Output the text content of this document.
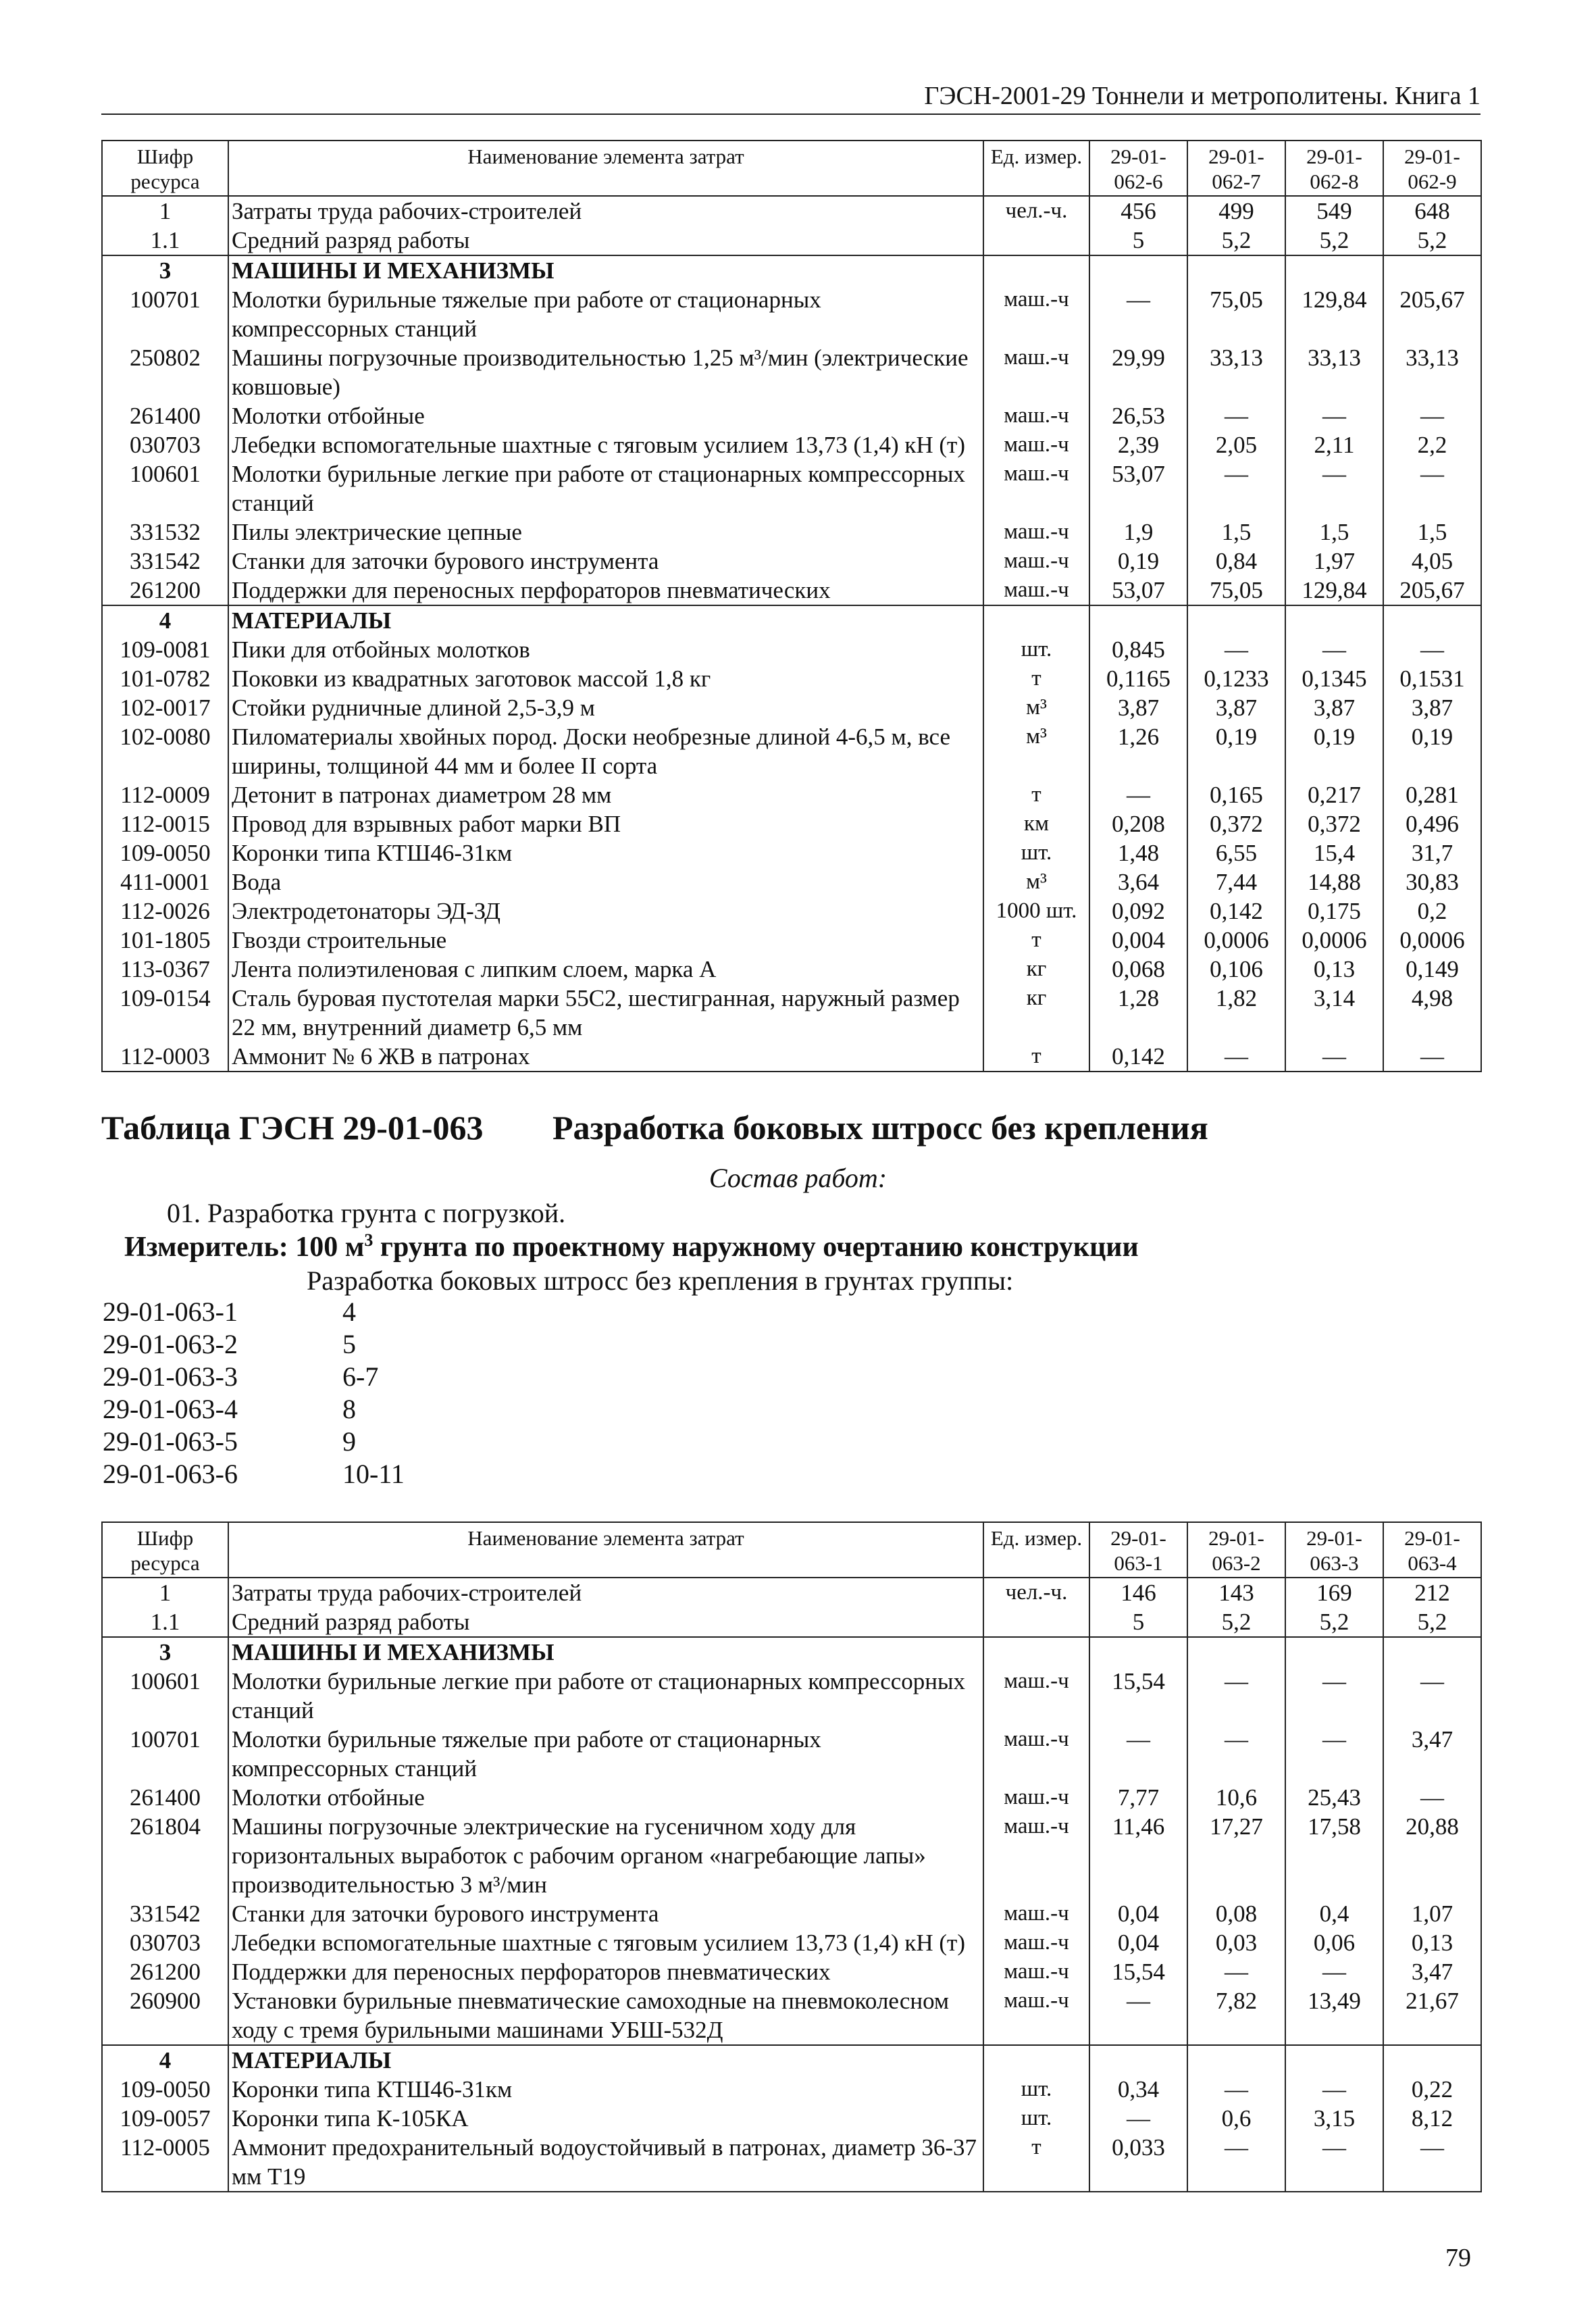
ГЭСН-2001-29 Тоннели и метрополитены. Книга 1
Шифр ресурса	Наименование элемента затрат	Ед. измер.	29-01-062-6	29-01-062-7	29-01-062-8	29-01-062-9
1	Затраты труда рабочих-строителей	чел.-ч.	456	499	549	648
1.1	Средний разряд работы		5	5,2	5,2	5,2
3	МАШИНЫ И МЕХАНИЗМЫ					
100701	Молотки бурильные тяжелые при работе от стационарных компрессорных станций	маш.-ч	—	75,05	129,84	205,67
250802	Машины погрузочные производительностью 1,25 м³/мин (электрические ковшовые)	маш.-ч	29,99	33,13	33,13	33,13
261400	Молотки отбойные	маш.-ч	26,53	—	—	—
030703	Лебедки вспомогательные шахтные с тяговым усилием 13,73 (1,4) кН (т)	маш.-ч	2,39	2,05	2,11	2,2
100601	Молотки бурильные легкие при работе от стационарных компрессорных станций	маш.-ч	53,07	—	—	—
331532	Пилы электрические цепные	маш.-ч	1,9	1,5	1,5	1,5
331542	Станки для заточки бурового инструмента	маш.-ч	0,19	0,84	1,97	4,05
261200	Поддержки для переносных перфораторов пневматических	маш.-ч	53,07	75,05	129,84	205,67
4	МАТЕРИАЛЫ					
109-0081	Пики для отбойных молотков	шт.	0,845	—	—	—
101-0782	Поковки из квадратных заготовок массой 1,8 кг	т	0,1165	0,1233	0,1345	0,1531
102-0017	Стойки рудничные длиной 2,5-3,9 м	м³	3,87	3,87	3,87	3,87
102-0080	Пиломатериалы хвойных пород. Доски необрезные длиной 4-6,5 м, все ширины, толщиной 44 мм и более II сорта	м³	1,26	0,19	0,19	0,19
112-0009	Детонит в патронах диаметром 28 мм	т	—	0,165	0,217	0,281
112-0015	Провод для взрывных работ марки ВП	км	0,208	0,372	0,372	0,496
109-0050	Коронки типа КТШ46-31км	шт.	1,48	6,55	15,4	31,7
411-0001	Вода	м³	3,64	7,44	14,88	30,83
112-0026	Электродетонаторы ЭД-ЗД	1000 шт.	0,092	0,142	0,175	0,2
101-1805	Гвозди строительные	т	0,004	0,0006	0,0006	0,0006
113-0367	Лента полиэтиленовая с липким слоем, марка А	кг	0,068	0,106	0,13	0,149
109-0154	Сталь буровая пустотелая марки 55С2, шестигранная, наружный размер 22 мм, внутренний диаметр 6,5 мм	кг	1,28	1,82	3,14	4,98
112-0003	Аммонит № 6 ЖВ в патронах	т	0,142	—	—	—
Таблица ГЭСН 29-01-063 Разработка боковых штросс без крепления
Состав работ:
01. Разработка грунта с погрузкой.
Измеритель: 100 $м^3$ грунта по проектному наружному очертанию конструкции
Разработка боковых штросс без крепления в грунтах группы:
29-01-063-1	4
29-01-063-2	5
29-01-063-3	6-7
29-01-063-4	8
29-01-063-5	9
29-01-063-6	10-11
Шифр ресурса	Наименование элемента затрат	Ед. измер.	29-01-063-1	29-01-063-2	29-01-063-3	29-01-063-4
1	Затраты труда рабочих-строителей	чел.-ч.	146	143	169	212
1.1	Средний разряд работы		5	5,2	5,2	5,2
3	МАШИНЫ И МЕХАНИЗМЫ					
100601	Молотки бурильные легкие при работе от стационарных компрессорных станций	маш.-ч	15,54	—	—	—
100701	Молотки бурильные тяжелые при работе от стационарных компрессорных станций	маш.-ч	—	—	—	3,47
261400	Молотки отбойные	маш.-ч	7,77	10,6	25,43	—
261804	Машины погрузочные электрические на гусеничном ходу для горизонтальных выработок с рабочим органом «нагребающие лапы» производительностью 3 м³/мин	маш.-ч	11,46	17,27	17,58	20,88
331542	Станки для заточки бурового инструмента	маш.-ч	0,04	0,08	0,4	1,07
030703	Лебедки вспомогательные шахтные с тяговым усилием 13,73 (1,4) кН (т)	маш.-ч	0,04	0,03	0,06	0,13
261200	Поддержки для переносных перфораторов пневматических	маш.-ч	15,54	—	—	3,47
260900	Установки бурильные пневматические самоходные на пневмоколесном ходу с тремя бурильными машинами УБШ-532Д	маш.-ч	—	7,82	13,49	21,67
4	МАТЕРИАЛЫ					
109-0050	Коронки типа КТШ46-31км	шт.	0,34	—	—	0,22
109-0057	Коронки типа К-105КА	шт.	—	0,6	3,15	8,12
112-0005	Аммонит предохранительный водоустойчивый в патронах, диаметр 36-37 мм Т19	т	0,033	—	—	—
79
